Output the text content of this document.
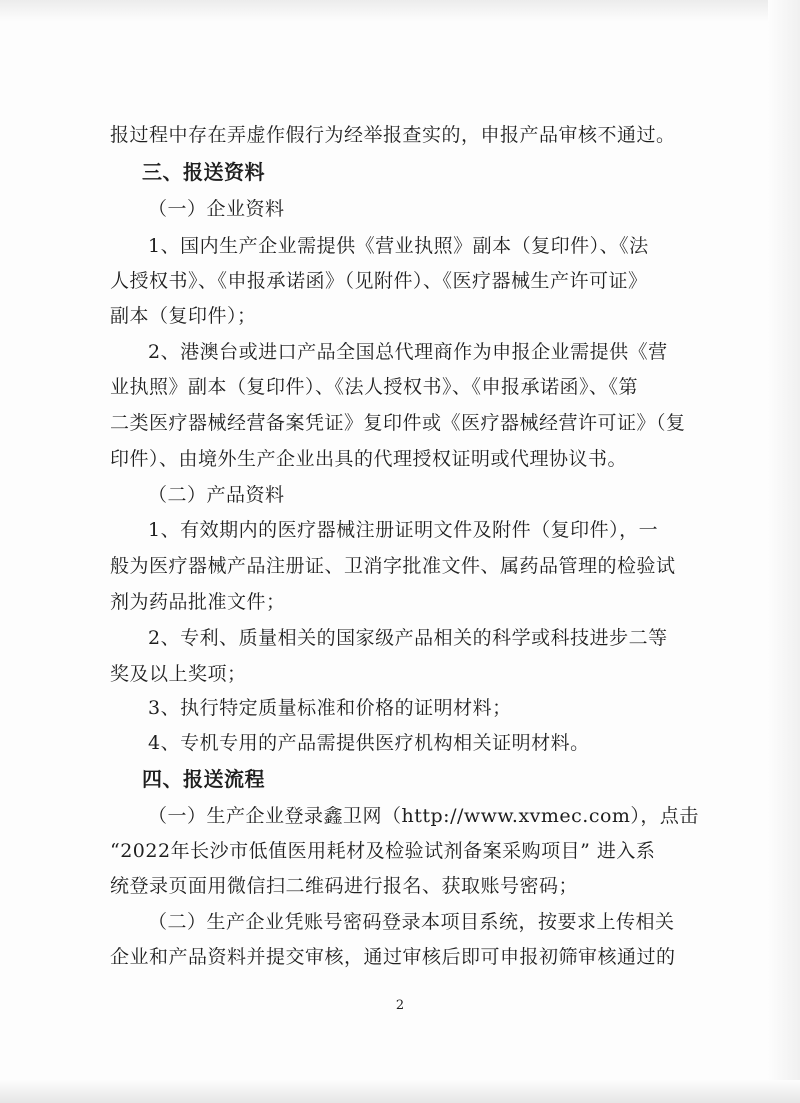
报过程中存在弄虚作假行为经举报查实的，申报产品审核不通过。
三、报送资料
（一）企业资料
1、国内生产企业需提供《营业执照》副本（复印件）、《法
人授权书》、《申报承诺函》（见附件）、《医疗器械生产许可证》
副本（复印件）；
2、港澳台或进口产品全国总代理商作为申报企业需提供《营
业执照》副本（复印件）、《法人授权书》、《申报承诺函》、《第
二类医疗器械经营备案凭证》复印件或《医疗器械经营许可证》（复
印件）、由境外生产企业出具的代理授权证明或代理协议书。
（二）产品资料
1、有效期内的医疗器械注册证明文件及附件（复印件），一
般为医疗器械产品注册证、卫消字批准文件、属药品管理的检验试
剂为药品批准文件；
2、专利、质量相关的国家级产品相关的科学或科技进步二等
奖及以上奖项；
3、执行特定质量标准和价格的证明材料；
4、专机专用的产品需提供医疗机构相关证明材料。
四、报送流程
（一）生产企业登录鑫卫网（http://www.xvmec.com），点击
“2022年长沙市低值医用耗材及检验试剂备案采购项目” 进入系
统登录页面用微信扫二维码进行报名、获取账号密码；
（二）生产企业凭账号密码登录本项目系统，按要求上传相关
企业和产品资料并提交审核，通过审核后即可申报初筛审核通过的
2
